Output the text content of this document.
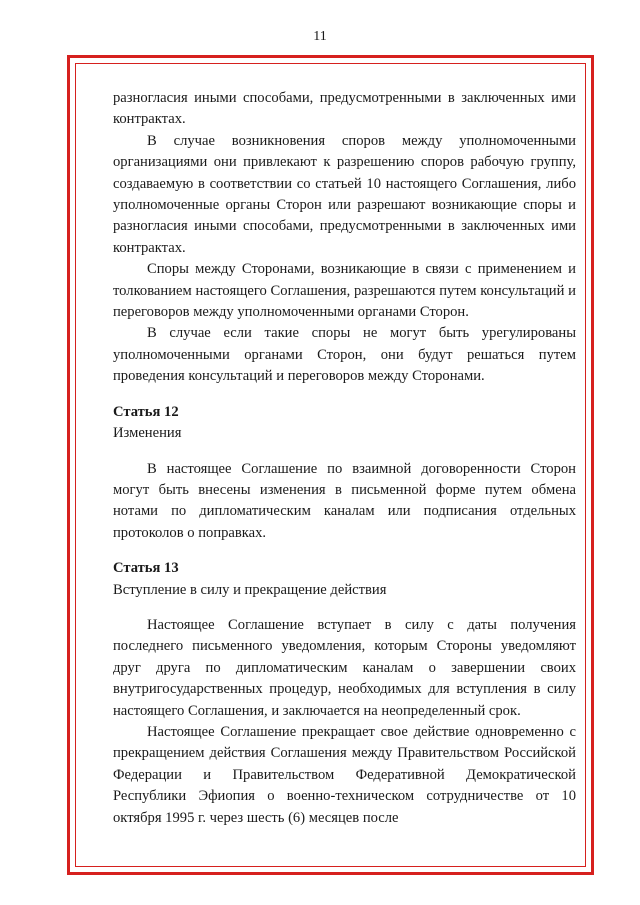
11

разногласия иными способами, предусмотренными в заключенных ими контрактах.

В случае возникновения споров между уполномоченными организациями они привлекают к разрешению споров рабочую группу, создаваемую в соответствии со статьей 10 настоящего Соглашения, либо уполномоченные органы Сторон или разрешают возникающие споры и разногласия иными способами, предусмотренными в заключенных ими контрактах.

Споры между Сторонами, возникающие в связи с применением и толкованием настоящего Соглашения, разрешаются путем консультаций и переговоров между уполномоченными органами Сторон.

В случае если такие споры не могут быть урегулированы уполномоченными органами Сторон, они будут решаться путем проведения консультаций и переговоров между Сторонами.

Статья 12

Изменения

В настоящее Соглашение по взаимной договоренности Сторон могут быть внесены изменения в письменной форме путем обмена нотами по дипломатическим каналам или подписания отдельных протоколов о поправках.

Статья 13

Вступление в силу и прекращение действия

Настоящее Соглашение вступает в силу с даты получения последнего письменного уведомления, которым Стороны уведомляют друг друга по дипломатическим каналам о завершении своих внутригосударственных процедур, необходимых для вступления в силу настоящего Соглашения, и заключается на неопределенный срок.

Настоящее Соглашение прекращает свое действие одновременно с прекращением действия Соглашения между Правительством Российской Федерации и Правительством Федеративной Демократической Республики Эфиопия о военно-техническом сотрудничестве от 10 октября 1995 г. через шесть (6) месяцев после
